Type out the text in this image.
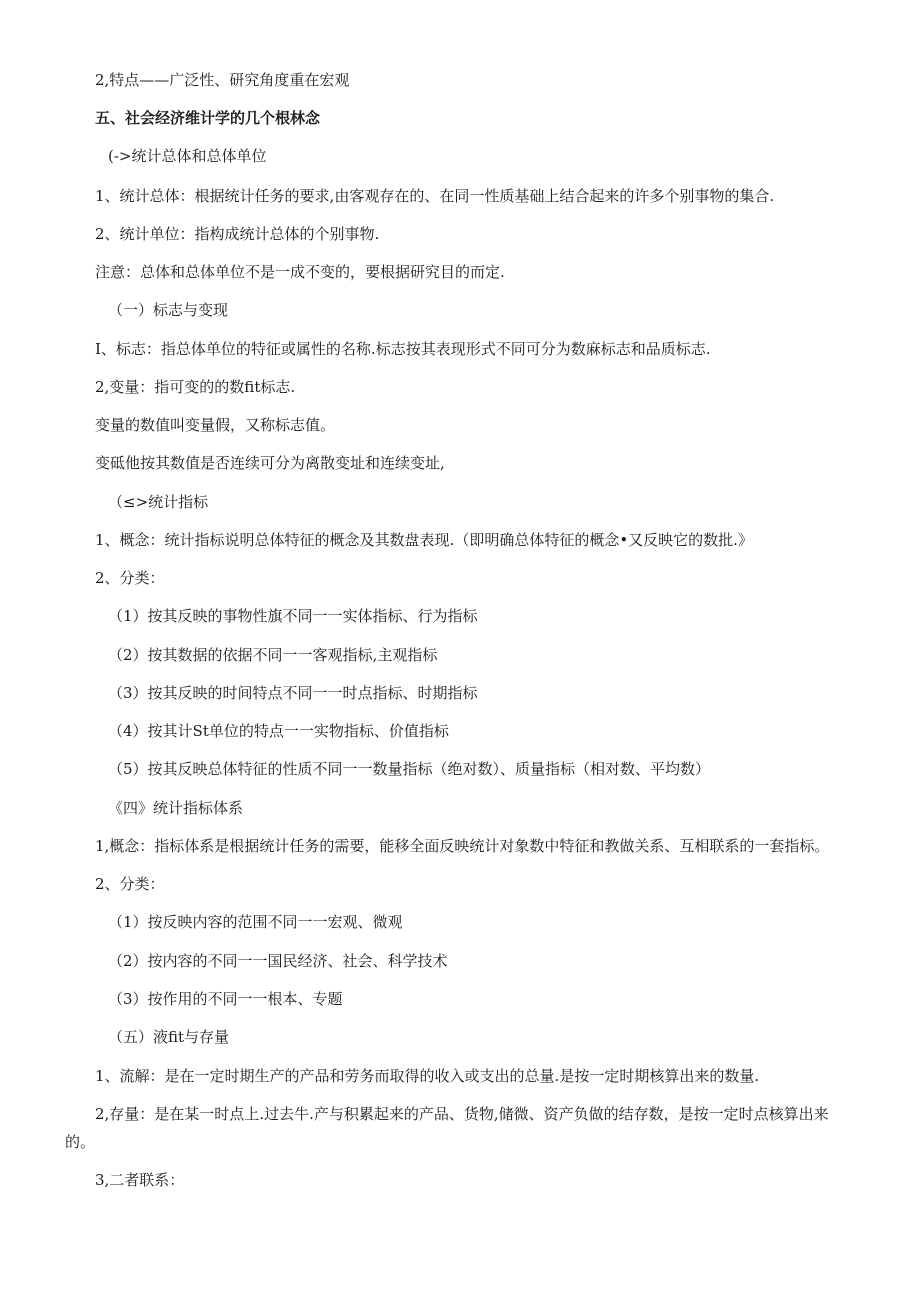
2,特点——广泛性、研究角度重在宏观

五、社会经济维计学的几个根林念

(->统计总体和总体单位

1、统计总体：根据统计任务的要求,由客观存在的、在同一性质基础上结合起来的许多个别事物的集合.

2、统计单位：指构成统计总体的个别事物.

注意：总体和总体单位不是一成不变的，要根据研究目的而定.

（一）标志与变现

I、标志：指总体单位的特征或属性的名称.标志按其表现形式不同可分为数麻标志和品质标志.

2,变量：指可变的的数fit标志.

变量的数值叫变量假，又称标志值。

变砥他按其数值是否连续可分为离散变址和连续变址,

（≤>统计指标

1、概念：统计指标说明总体特征的概念及其数盘表现.（即明确总体特征的概念•又反映它的数批.》

2、分类：

（1）按其反映的事物性旗不同一一实体指标、行为指标

（2）按其数据的依据不同一一客观指标,主观指标

（3）按其反映的时间特点不同一一时点指标、时期指标

（4）按其计St单位的特点一一实物指标、价值指标

（5）按其反映总体特征的性质不同一一数量指标（绝对数）、质量指标（相对数、平均数）

《四》统计指标体系

1,概念：指标体系是根据统计任务的需要，能移全面反映统计对象数中特征和教做关系、互相联系的一套指标。

2、分类：

（1）按反映内容的范围不同一一宏观、微观

（2）按内容的不同一一国民经济、社会、科学技术

（3）按作用的不同一一根本、专题

（五）液fit与存量

1、流解：是在一定时期生产的产品和劳务而取得的收入或支出的总量.是按一定时期核算出来的数量.

2,存量：是在某一时点上.过去牛.产与积累起来的产品、货物,储微、资产负做的结存数，是按一定时点核算出来的。

3,二者联系：
